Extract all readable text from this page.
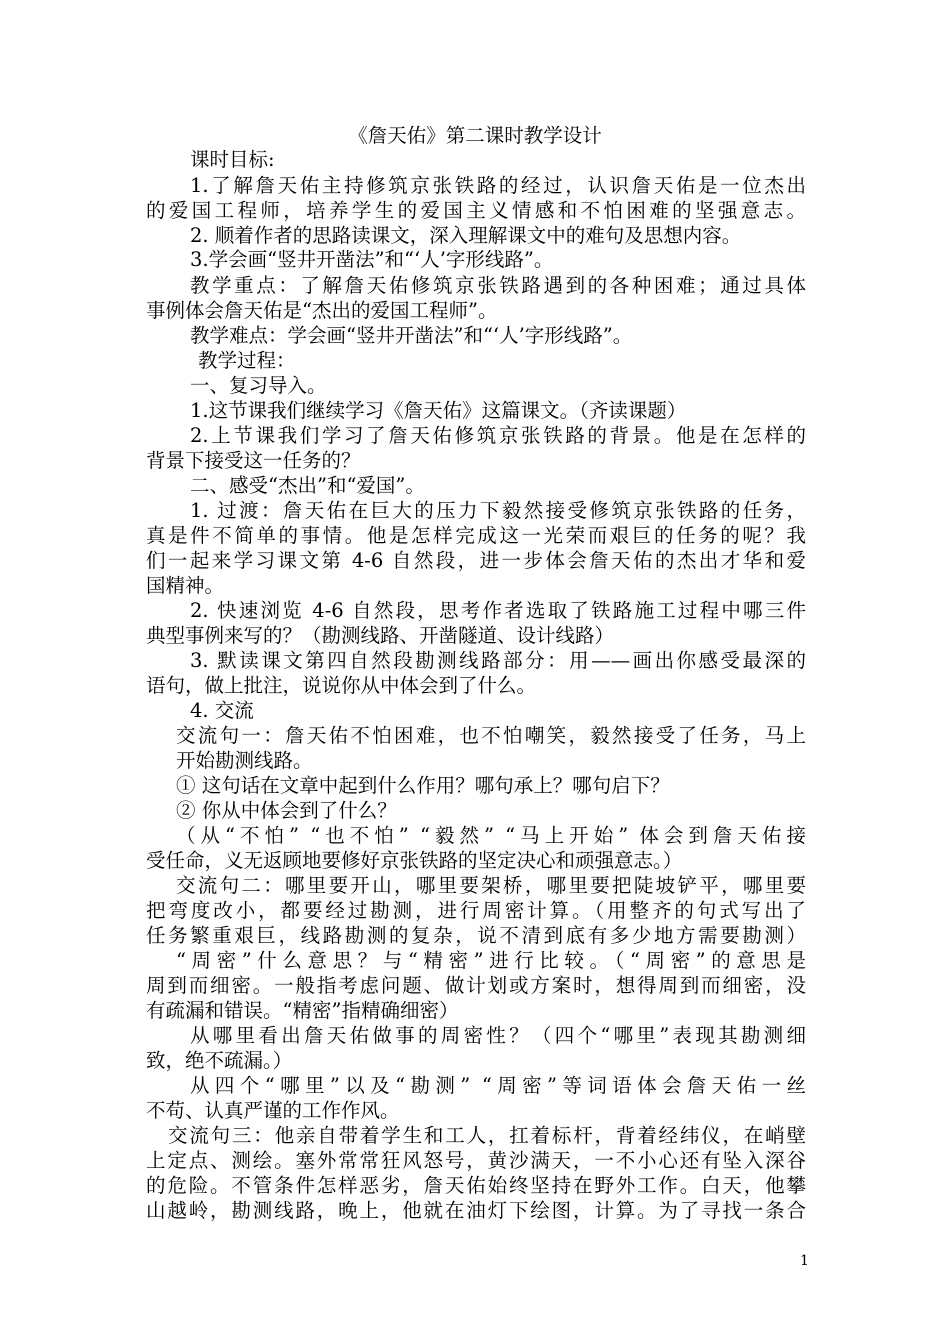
《詹天佑》第二课时教学设计
课时目标:
1.了解詹天佑主持修筑京张铁路的经过，认识詹天佑是一位杰出
的爱国工程师，培养学生的爱国主义情感和不怕困难的坚强意志。
2. 顺着作者的思路读课文，深入理解课文中的难句及思想内容。
3.学会画“竖井开凿法”和“‘人’字形线路”。
教学重点：了解詹天佑修筑京张铁路遇到的各种困难；通过具体
事例体会詹天佑是“杰出的爱国工程师”。
教学难点：学会画“竖井开凿法”和“‘人’字形线路”。
教学过程：
一、复习导入。
1.这节课我们继续学习《詹天佑》这篇课文。（齐读课题）
2.上节课我们学习了詹天佑修筑京张铁路的背景。他是在怎样的
背景下接受这一任务的？
二、感受“杰出”和“爱国”。
1. 过渡：詹天佑在巨大的压力下毅然接受修筑京张铁路的任务，
真是件不简单的事情。他是怎样完成这一光荣而艰巨的任务的呢？我
们一起来学习课文第 4-6 自然段，进一步体会詹天佑的杰出才华和爱
国精神。
2. 快速浏览 4-6 自然段，思考作者选取了铁路施工过程中哪三件
典型事例来写的？（勘测线路、开凿隧道、设计线路）
3. 默读课文第四自然段勘测线路部分：用——画出你感受最深的
语句，做上批注，说说你从中体会到了什么。
4. 交流
交流句一：詹天佑不怕困难，也不怕嘲笑，毅然接受了任务，马上
开始勘测线路。
① 这句话在文章中起到什么作用？哪句承上？哪句启下？
② 你从中体会到了什么？
（从“不怕” “也不怕” “毅然” “马上开始” 体会到詹天佑接
受任命，义无返顾地要修好京张铁路的坚定决心和顽强意志。）
交流句二：哪里要开山，哪里要架桥，哪里要把陡坡铲平，哪里要
把弯度改小，都要经过勘测，进行周密计算。（用整齐的句式写出了
任务繁重艰巨，线路勘测的复杂，说不清到底有多少地方需要勘测）
“周密”什么意思？与“精密”进行比较。（“周密”的意思是
周到而细密。一般指考虑问题、做计划或方案时，想得周到而细密，没
有疏漏和错误。“精密”指精确细密）
从哪里看出詹天佑做事的周密性？（四个“哪里”表现其勘测细
致，绝不疏漏。）
从四个“哪里”以及“勘测” “周密”等词语体会詹天佑一丝
不苟、认真严谨的工作作风。
交流句三：他亲自带着学生和工人，扛着标杆，背着经纬仪，在峭壁
上定点、测绘。塞外常常狂风怒号，黄沙满天，一不小心还有坠入深谷
的危险。不管条件怎样恶劣，詹天佑始终坚持在野外工作。白天，他攀
山越岭，勘测线路，晚上，他就在油灯下绘图，计算。为了寻找一条合
1
